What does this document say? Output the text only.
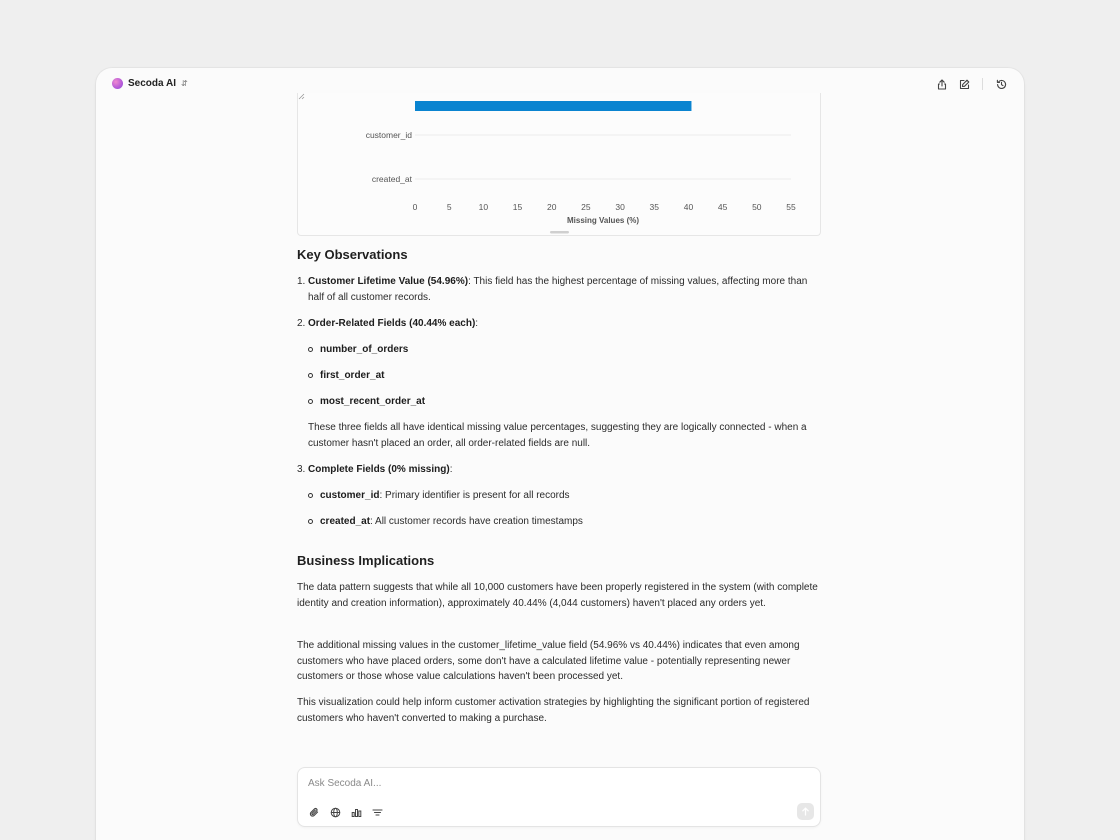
Secoda AI ⇵
customer_id
created_at
0	5	10	15	20	25	30	35	40	45	50	55
Missing Values (%)
Key Observations
1. Customer Lifetime Value (54.96%): This field has the highest percentage of missing values, affecting more than half of all customer records.
2. Order-Related Fields (40.44% each):
number_of_orders
first_order_at
most_recent_order_at
These three fields all have identical missing value percentages, suggesting they are logically connected - when a customer hasn't placed an order, all order-related fields are null.
3. Complete Fields (0% missing):
customer_id: Primary identifier is present for all records
created_at: All customer records have creation timestamps
Business Implications

The data pattern suggests that while all 10,000 customers have been properly registered in the system (with complete identity and creation information), approximately 40.44% (4,044 customers) haven't placed any orders yet.

The additional missing values in the customer_lifetime_value field (54.96% vs 40.44%) indicates that even among customers who have placed orders, some don't have a calculated lifetime value - potentially representing newer customers or those whose value calculations haven't been processed yet.

This visualization could help inform customer activation strategies by highlighting the significant portion of registered customers who haven't converted to making a purchase.

Ask Secoda AI...
